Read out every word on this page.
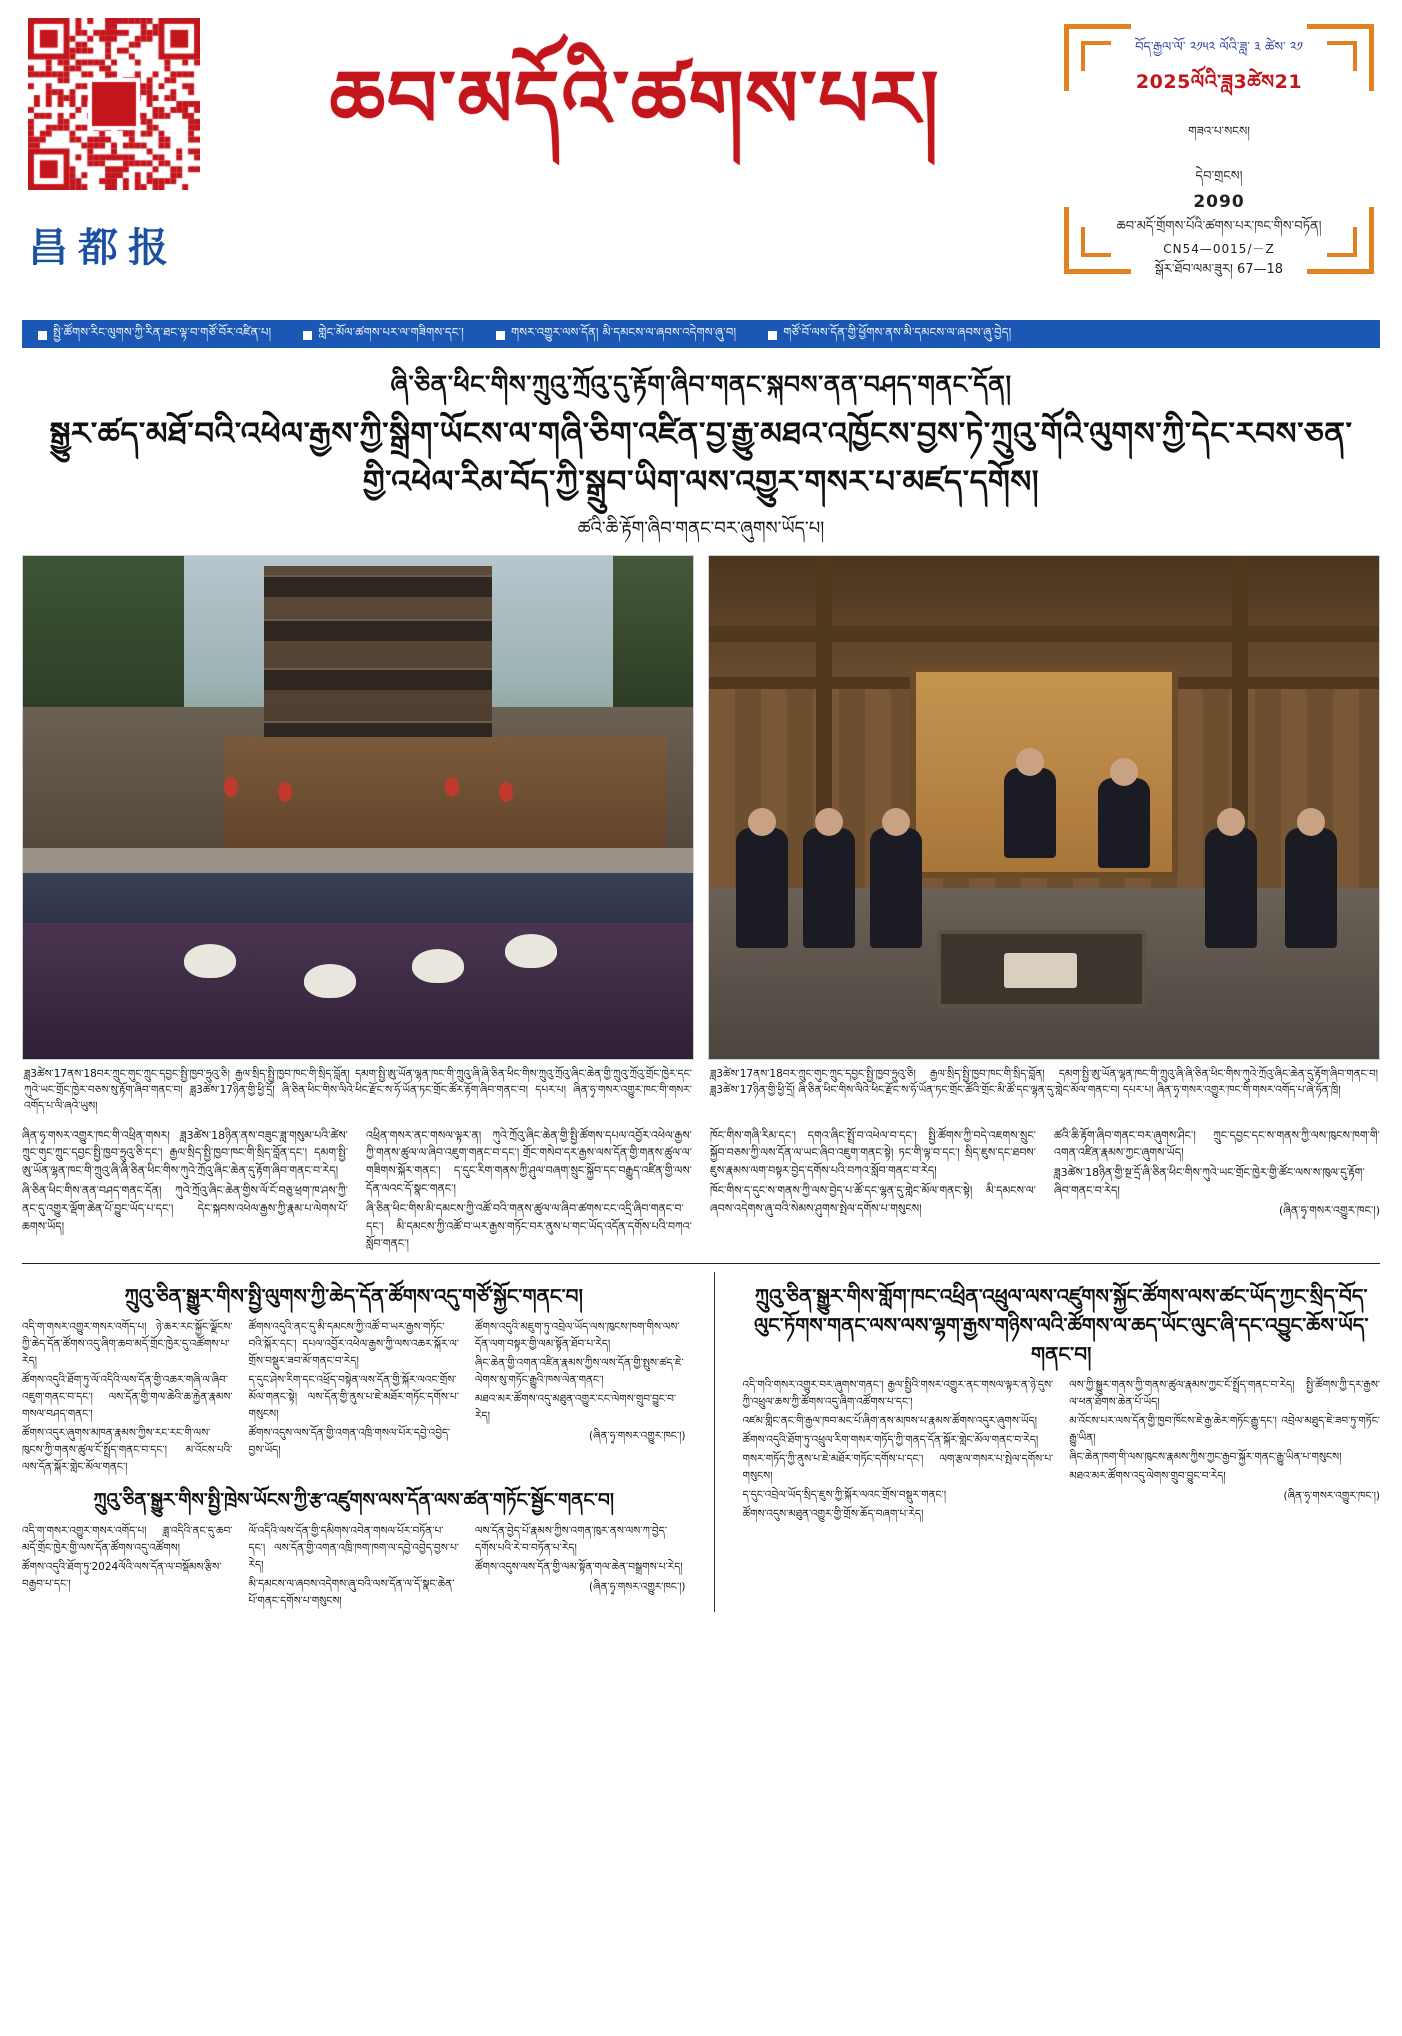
昌都报
ཆབ་མདོའི་ཚགས་པར།
བོད་རྒྱལ་ལོ་ ༢༡༥༢ ལོའི་ཟླ་ ༣ ཚེས་ ༢༡
2025ལོའི་ཟླ3ཚེས21
གཟའ་པ་སངས།
དེབ་གྲངས།
2090
ཆབ་མདོ་གྲོགས་པོའི་ཚགས་པར་ཁང་གིས་བཏོན།
CN54—0015/－Z
སྒོར་ཐོབ་ལམ་ཟུར། 67—18
སྤྱི་ཚོགས་རིང་ལུགས་ཀྱི་རིན་ཐང་ལྟ་བ་གཙོ་བོར་འཛིན་པ།	གླེང་མོལ་ཚགས་པར་ལ་གཟིགས་དང་།	གསར་འགྱུར་ལས་དོན། མི་དམངས་ལ་ཞབས་འདེགས་ཞུ་བ།	གཙོ་བོ་ལས་དོན་གྱི་ཕྱོགས་ནས་མི་དམངས་ལ་ཞབས་ཞུ་བྱེད།
ཞི་ཅིན་ཕིང་གིས་ཀྲུའུ་ཀྲོའུ་དུ་རྟོག་ཞིབ་གནང་སྐབས་ནན་བཤད་གནང་དོན།
སྒྱུར་ཚད་མཐོ་བའི་འཕེལ་རྒྱས་ཀྱི་སྒྲིག་ཡོངས་ལ་གཞི་ཅིག་འཛིན་བྱ་རྒྱུ་མཐའ་འཁྱོངས་བྱས་ཏེ་ཀྲུའུ་གོའི་ལུགས་ཀྱི་དེང་རབས་ཅན་གྱི་འཕེལ་རིམ་བོད་ཀྱི་སྒྲུབ་ཡིག་ལས་འགྱུར་གསར་པ་མཛད་དགོས།
ཚའི་ཆི་རྟོག་ཞིབ་གནང་བར་ཞུགས་ཡོད་པ།
ཟླ3ཚེས་17ནས་18བར་ཀྲུང་གུང་ཀྲུང་དབྱང་སྤྱི་ཁྱབ་ཧྲུའུ་ཅི། རྒྱལ་སྲིད་སྤྱི་ཁྱབ་ཁང་གི་སྲིད་བློན། དམག་སྤྱི་ཨུ་ཡོན་ལྷན་ཁང་གི་ཀྲུའུ་ཞི་ཞི་ཅིན་ཕིང་གིས་ཀྲུའུ་ཀྲོའུ་ཞིང་ཆེན་གྱི་ཀྲུའུ་ཀྲོའུ་གྲོང་ཁྱེར་དང་ཀུའེ་ཡང་གྲོང་ཁྱེར་བཅས་སུ་རྟོག་ཞིབ་གནང་བ། ཟླ3ཚེས་17ཉིན་གྱི་ཕྱི་དྲོ། ཞི་ཅིན་ཕིང་གིས་ལིའེ་ཕིང་རྫོང་ས་ཧོ་ཡོན་ཏང་གྲོང་ཚོར་རྟོག་ཞིབ་གནང་བ། དཔར་པ། ཞིན་ཧྭ་གསར་འགྱུར་ཁང་གི་གསར་འགོད་པ་ལི་ཞའེ་ཡུས།
ཟླ3ཚེས་17ནས་18བར་ཀྲུང་གུང་ཀྲུང་དབྱང་སྤྱི་ཁྱབ་ཧྲུའུ་ཅི། རྒྱལ་སྲིད་སྤྱི་ཁྱབ་ཁང་གི་སྲིད་བློན། དམག་སྤྱི་ཨུ་ཡོན་ལྷན་ཁང་གི་ཀྲུའུ་ཞི་ཞི་ཅིན་ཕིང་གིས་ཀུའེ་ཀྲོའུ་ཞིང་ཆེན་དུ་རྟོག་ཞིབ་གནང་བ། ཟླ3ཚེས་17ཉིན་གྱི་ཕྱི་དྲོ། ཞི་ཅིན་ཕིང་གིས་ལིའེ་ཕིང་རྫོང་ས་ཧོ་ཡོན་ཏང་གྲོང་ཚོའི་གྲོང་མི་ཚོ་དང་ལྷན་དུ་གླེང་མོལ་གནང་བ། དཔར་པ། ཞིན་ཧྭ་གསར་འགྱུར་ཁང་གི་གསར་འགོད་པ་ཞེ་ཧོན་ཁྲི།

ཞིན་ཧྭ་གསར་འགྱུར་ཁང་གི་འཕྲིན་གསར། ཟླ3ཚེས་18ཉིན་ནས་བཟུང་ཟླ་གསུམ་པའི་ཚེས་ ཀྲུང་གུང་ཀྲུང་དབྱང་སྤྱི་ཁྱབ་ཧྲུའུ་ཅི་དང་། རྒྱལ་སྲིད་སྤྱི་ཁྱབ་ཁང་གི་སྲིད་བློན་དང་། དམག་སྤྱི་ཨུ་ཡོན་ལྷན་ཁང་གི་ཀྲུའུ་ཞི་ཞི་ཅིན་ཕིང་གིས་ཀུའེ་ཀྲོའུ་ཞིང་ཆེན་དུ་རྟོག་ཞིབ་གནང་བ་རེད།

ཞི་ཅིན་ཕིང་གིས་ནན་བཤད་གནང་དོན། ཀུའེ་ཀྲོའུ་ཞིང་ཆེན་གྱིས་ལོ་ངོ་བཅུ་ཕྲག་ཁ་ཤས་ཀྱི་ནང་དུ་འགྱུར་ལྡོག་ཆེན་པོ་བྱུང་ཡོད་པ་དང་། དེང་སྐབས་འཕེལ་རྒྱས་ཀྱི་རྣམ་པ་ལེགས་པོ་ཆགས་ཡོད།

འཕྲིན་གསར་ནང་གསལ་ལྟར་ན། ཀུའེ་ཀྲོའུ་ཞིང་ཆེན་གྱི་སྤྱི་ཚོགས་དཔལ་འབྱོར་འཕེལ་རྒྱས་ཀྱི་གནས་ཚུལ་ལ་ཞིབ་འཇུག་གནང་བ་དང་། གྲོང་གསེབ་དར་རྒྱས་ལས་དོན་གྱི་གནས་ཚུལ་ལ་གཟིགས་སྐོར་གནང་། ད་དུང་རིག་གནས་ཀྱི་ཤུལ་བཞག་སྲུང་སྐྱོབ་དང་བརྒྱུད་འཛིན་གྱི་ལས་དོན་ལའང་དོ་སྣང་གནང་།

ཞི་ཅིན་ཕིང་གིས་མི་དམངས་ཀྱི་འཚོ་བའི་གནས་ཚུལ་ལ་ཞིབ་ཚགས་ངང་འདྲི་ཞིབ་གནང་བ་དང་། མི་དམངས་ཀྱི་འཚོ་བ་ཡར་རྒྱས་གཏོང་བར་ནུས་པ་གང་ཡོད་འདོན་དགོས་པའི་བཀའ་སློབ་གནང་།

ཁོང་གིས་གཞི་རིམ་དང་། དགའ་ཞིང་སྤྲོ་བ་འཕེལ་བ་དང་། སྤྱི་ཚོགས་ཀྱི་བདེ་འཇགས་སྲུང་སྐྱོབ་བཅས་ཀྱི་ལས་དོན་ལ་ཡང་ཞིབ་འཇུག་གནང་སྟེ། ཏང་གི་ལྟ་བ་དང་། སྲིད་ཇུས་དང་ཐབས་ཇུས་རྣམས་ལག་བསྟར་བྱེད་དགོས་པའི་བཀའ་སློབ་གནང་བ་རེད།

ཁོང་གིས་ད་དུང་ས་གནས་ཀྱི་ལས་བྱེད་པ་ཚོ་དང་ལྷན་དུ་གླེང་མོལ་གནང་སྟེ། མི་དམངས་ལ་ཞབས་འདེགས་ཞུ་བའི་སེམས་ཤུགས་སྤེལ་དགོས་པ་གསུངས།

ཚའི་ཆི་རྟོག་ཞིབ་གནང་བར་ཞུགས་ཤིང་། ཀྲུང་དབྱང་དང་ས་གནས་ཀྱི་ལས་ཁུངས་ཁག་གི་འགན་འཛིན་རྣམས་ཀྱང་ཞུགས་ཡོད།

ཟླ3ཚེས་18ཉིན་གྱི་སྔ་དྲོ་ཞི་ཅིན་ཕིང་གིས་ཀུའེ་ཡང་གྲོང་ཁྱེར་གྱི་ཚོང་ལས་ས་ཁུལ་དུ་རྟོག་ཞིབ་གནང་བ་རེད།

(ཞིན་ཧྭ་གསར་འགྱུར་ཁང་།)
ཀྲུའུ་ཅིན་སྒྱུར་གིས་སྤྱི་ལུགས་ཀྱི་ཆེད་དོན་ཚོགས་འདུ་གཙོ་སྐྱོང་གནང་བ།

འདི་ག་གསར་འགྱུར་གསར་འགོད་པ། ཉེ་ཆར་རང་སྐྱོང་ལྗོངས་ཀྱི་ཆེད་དོན་ཚོགས་འདུ་ཞིག་ཆབ་མདོ་གྲོང་ཁྱེར་དུ་འཚོགས་པ་རེད།

ཚོགས་འདུའི་ཐོག་ཏུ་ལོ་འདིའི་ལས་དོན་གྱི་འཆར་གཞི་ལ་ཞིབ་འཇུག་གནང་བ་དང་། ལས་དོན་གྱི་གལ་ཆེའི་ཆ་རྐྱེན་རྣམས་གསལ་བཤད་གནང་།

ཚོགས་འདུར་ཞུགས་མཁན་རྣམས་ཀྱིས་རང་རང་གི་ལས་ཁུངས་ཀྱི་གནས་ཚུལ་ངོ་སྤྲོད་གནང་བ་དང་། མ་འོངས་པའི་ལས་དོན་སྐོར་གླེང་མོལ་གནང་།

ཚོགས་འདུའི་ནང་དུ་མི་དམངས་ཀྱི་འཚོ་བ་ཡར་རྒྱས་གཏོང་བའི་སྐོར་དང་། དཔལ་འབྱོར་འཕེལ་རྒྱས་ཀྱི་ལས་འཆར་སྐོར་ལ་གྲོས་བསྡུར་ཟབ་མོ་གནང་བ་རེད།

ད་དུང་ཤེས་རིག་དང་འཕྲོད་བསྟེན་ལས་དོན་གྱི་སྐོར་ལའང་གྲོས་མོལ་གནང་སྟེ། ལས་དོན་གྱི་ནུས་པ་ཇེ་མཐོར་གཏོང་དགོས་པ་གསུངས།

ཚོགས་འདུས་ལས་དོན་གྱི་འགན་འཁྲི་གསལ་པོར་དབྱེ་འབྱེད་བྱས་ཡོད།

ཚོགས་འདུའི་མཇུག་ཏུ་འབྲེལ་ཡོད་ལས་ཁུངས་ཁག་གིས་ལས་དོན་ལག་བསྟར་གྱི་ལམ་སྟོན་ཐོབ་པ་རེད།

ཞིང་ཆེན་གྱི་འགན་འཛིན་རྣམས་ཀྱིས་ལས་དོན་གྱི་སྤུས་ཚད་ཇེ་ལེགས་སུ་གཏོང་རྒྱུའི་ཁས་ལེན་གནང་།

མཐའ་མར་ཚོགས་འདུ་མཐུན་འགྱུར་ངང་ལེགས་གྲུབ་བྱུང་བ་རེད།

(ཞིན་ཧྭ་གསར་འགྱུར་ཁང་།)
ཀྲུའུ་ཅིན་སྒྱུར་གིས་སྤྱི་ཁྲེས་ཡོངས་ཀྱི་རྩ་འཛུགས་ལས་དོན་ལས་ཚན་གཏོང་སྦྱོང་གནང་བ།

འདི་ག་གསར་འགྱུར་གསར་འགོད་པ། ཟླ་འདིའི་ནང་དུ་ཆབ་མདོ་གྲོང་ཁྱེར་གྱི་ལས་དོན་ཚོགས་འདུ་འཚོགས།

ཚོགས་འདུའི་ཐོག་ཏུ་2024ལོའི་ལས་དོན་ལ་བསྡོམས་རྩིས་བརྒྱབ་པ་དང་།

ལོ་འདིའི་ལས་དོན་གྱི་དམིགས་འབེན་གསལ་པོར་བཏོན་པ་དང་། ལས་དོན་གྱི་འགན་འཁྲི་ཁག་ཁག་ལ་དབྱེ་འབྱེད་བྱས་པ་རེད།

མི་དམངས་ལ་ཞབས་འདེགས་ཞུ་བའི་ལས་དོན་ལ་དོ་སྣང་ཆེན་པོ་གནང་དགོས་པ་གསུངས།

ལས་དོན་བྱེད་པོ་རྣམས་ཀྱིས་འགན་ཁུར་ནས་ལས་ཀ་བྱེད་དགོས་པའི་རེ་བ་བཏོན་པ་རེད།

ཚོགས་འདུས་ལས་དོན་གྱི་ལམ་སྟོན་གལ་ཆེན་བསྒྲགས་པ་རེད།

(ཞིན་ཧྭ་གསར་འགྱུར་ཁང་།)
ཀྲུའུ་ཅིན་སྒྱུར་གིས་གློག་ཁང་འཕྲིན་འཕྲུལ་ལས་འཛུགས་སྐྱོང་ཚོགས་ལས་ཚང་ཡོད་ཀྱང་སྲིད་བོད་ལུང་ཏོགས་གནང་ལས་ལས་ལྷག་རྒྱས་གཉིས་ལའི་ཚོགས་ལ་ཆད་ཡོང་ལུང་ཞི་དང་འབྱུང་ཆོས་ཡོད་གནང་བ།

འདི་གའི་གསར་འགྱུར་བར་ཞུགས་གནང་། རྒྱལ་སྤྱིའི་གསར་འགྱུར་ནང་གསལ་ལྟར་ན་ཉེ་དུས་ཀྱི་འཕྲུལ་ཆས་ཀྱི་ཚོགས་འདུ་ཞིག་འཚོགས་པ་དང་།

འཛམ་གླིང་ནང་གི་རྒྱལ་ཁབ་མང་པོ་ཞིག་ནས་མཁས་པ་རྣམས་ཚོགས་འདུར་ཞུགས་ཡོད།

ཚོགས་འདུའི་ཐོག་ཏུ་འཕྲུལ་རིག་གསར་གཏོད་ཀྱི་གནད་དོན་སྐོར་གླེང་མོལ་གནང་བ་རེད།

གསར་གཏོད་ཀྱི་ནུས་པ་ཇེ་མཐོར་གཏོང་དགོས་པ་དང་། ལག་རྩལ་གསར་པ་སྤེལ་དགོས་པ་གསུངས།

ད་དུང་འབྲེལ་ཡོད་སྲིད་ཇུས་ཀྱི་སྐོར་ལའང་གྲོས་བསྡུར་གནང་།

ཚོགས་འདུས་མཐུན་འགྱུར་གྱི་གྲོས་ཆོད་བཞག་པ་རེད།

ལས་ཀྱི་སྒྱུར་གནས་ཀྱི་གནས་ཚུལ་རྣམས་ཀྱང་ངོ་སྤྲོད་གནང་བ་རེད། སྤྱི་ཚོགས་ཀྱི་དར་རྒྱས་ལ་ཕན་ཐོགས་ཆེན་པོ་ཡོད།

མ་འོངས་པར་ལས་དོན་གྱི་ཁྱབ་ཁོངས་ཇེ་རྒྱ་ཆེར་གཏོང་རྒྱུ་དང་། འབྲེལ་མཐུད་ཇེ་ཟབ་ཏུ་གཏོང་རྒྱུ་ཡིན།

ཞིང་ཆེན་ཁག་གི་ལས་ཁུངས་རྣམས་ཀྱིས་ཀྱང་རྒྱབ་སྐྱོར་གནང་རྒྱུ་ཡིན་པ་གསུངས།

མཐའ་མར་ཚོགས་འདུ་ལེགས་གྲུབ་བྱུང་བ་རེད།

(ཞིན་ཧྭ་གསར་འགྱུར་ཁང་།)
